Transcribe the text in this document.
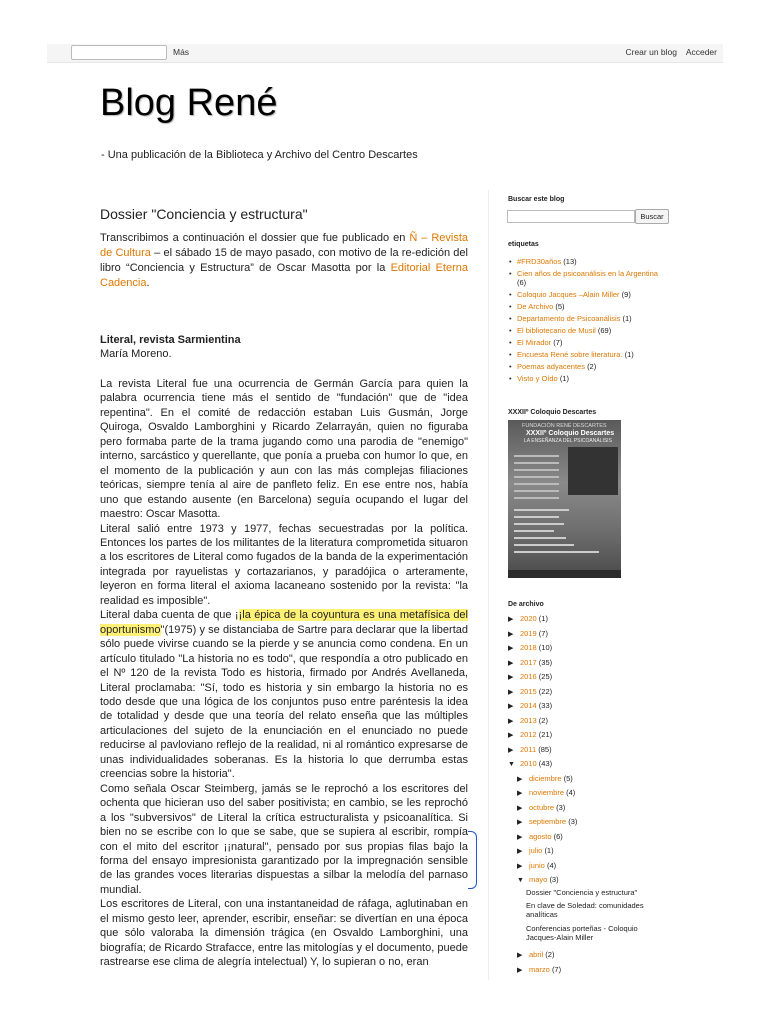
Más	Crear un blog Acceder
Blog René
- Una publicación de la Biblioteca y Archivo del Centro Descartes
Dossier "Conciencia y estructura"
Transcribimos a continuación el dossier que fue publicado en Ñ – Revista de Cultura – el sábado 15 de mayo pasado, con motivo de la re-edición del libro “Conciencia y Estructura” de Oscar Masotta por la Editorial Eterna Cadencia.
Literal, revista Sarmientina
María Moreno.

La revista Literal fue una ocurrencia de Germán García para quien la palabra ocurrencia tiene más el sentido de "fundación" que de "idea repentina". En el comité de redacción estaban Luis Gusmán, Jorge Quiroga, Osvaldo Lamborghini y Ricardo Zelarrayán, quien no figuraba pero formaba parte de la trama jugando como una parodia de "enemigo" interno, sarcástico y querellante, que ponía a prueba con humor lo que, en el momento de la publicación y aun con las más complejas filiaciones teóricas, siempre tenía al aire de panfleto feliz. En ese entre nos, había uno que estando ausente (en Barcelona) seguía ocupando el lugar del maestro: Oscar Masotta.

Literal salió entre 1973 y 1977, fechas secuestradas por la política. Entonces los partes de los militantes de la literatura comprometida situaron a los escritores de Literal como fugados de la banda de la experimentación integrada por rayuelistas y cortazarianos, y paradójica o arteramente, leyeron en forma literal el axioma lacaneano sostenido por la revista: "la realidad es imposible".

Literal daba cuenta de que ¡¡la épica de la coyuntura es una metafísica del oportunismo"(1975) y se distanciaba de Sartre para declarar que la libertad sólo puede vivirse cuando se la pierde y se anuncia como condena. En un artículo titulado "La historia no es todo", que respondía a otro publicado en el Nº 120 de la revista Todo es historia, firmado por Andrés Avellaneda, Literal proclamaba: "Sí, todo es historia y sin embargo la historia no es todo desde que una lógica de los conjuntos puso entre paréntesis la idea de totalidad y desde que una teoría del relato enseña que las múltiples articulaciones del sujeto de la enunciación en el enunciado no puede reducirse al pavloviano reflejo de la realidad, ni al romántico expresarse de unas individualidades soberanas. Es la historia lo que derrumba estas creencias sobre la historia".

Como señala Oscar Steimberg, jamás se le reprochó a los escritores del ochenta que hicieran uso del saber positivista; en cambio, se les reprochó a los "subversivos" de Literal la crítica estructuralista y psicoanalítica. Si bien no se escribe con lo que se sabe, que se supiera al escribir, rompía con el mito del escritor ¡¡natural", pensado por sus propias filas bajo la forma del ensayo impresionista garantizado por la impregnación sensible de las grandes voces literarias dispuestas a silbar la melodía del parnaso mundial.

Los escritores de Literal, con una instantaneidad de ráfaga, aglutinaban en el mismo gesto leer, aprender, escribir, enseñar: se divertían en una época que sólo valoraba la dimensión trágica (en Osvaldo Lamborghini, una biografía; de Ricardo Strafacce, entre las mitologías y el documento, puede rastrearse ese clima de alegría intelectual) Y, lo supieran o no, eran

Buscar este blog
Buscar
etiquetas
• #FRD30años (13)
• Cien años de psicoanálisis en la Argentina
(6)
• Coloquio Jacques –Alain Miller (9)
• De Archivo (5)
• Departamento de Psicoanálisis (1)
• El bibliotecario de Musil (69)
• El Mirador (7)
• Encuesta René sobre literatura. (1)
• Poemas adyacentes (2)
• Visto y Oído (1)
XXXIIº Coloquio Descartes
FUNDACIÓN RENÉ DESCARTES
XXXIIº Coloquio Descartes
LA ENSEÑANZA DEL PSICOANÁLISIS
De archivo
▶ 2020 (1)
▶ 2019 (7)
▶ 2018 (10)
▶ 2017 (35)
▶ 2016 (25)
▶ 2015 (22)
▶ 2014 (33)
▶ 2013 (2)
▶ 2012 (21)
▶ 2011 (85)
▼ 2010 (43)
▶ diciembre (5)
▶ noviembre (4)
▶ octubre (3)
▶ septiembre (3)
▶ agosto (6)
▶ julio (1)
▶ junio (4)
▼ mayo (3)
Dossier "Conciencia y estructura"
En clave de Soledad: comunidades analíticas
Conferencias porteñas - Coloquio Jacques-Alain Miller
▶ abril (2)
▶ marzo (7)
